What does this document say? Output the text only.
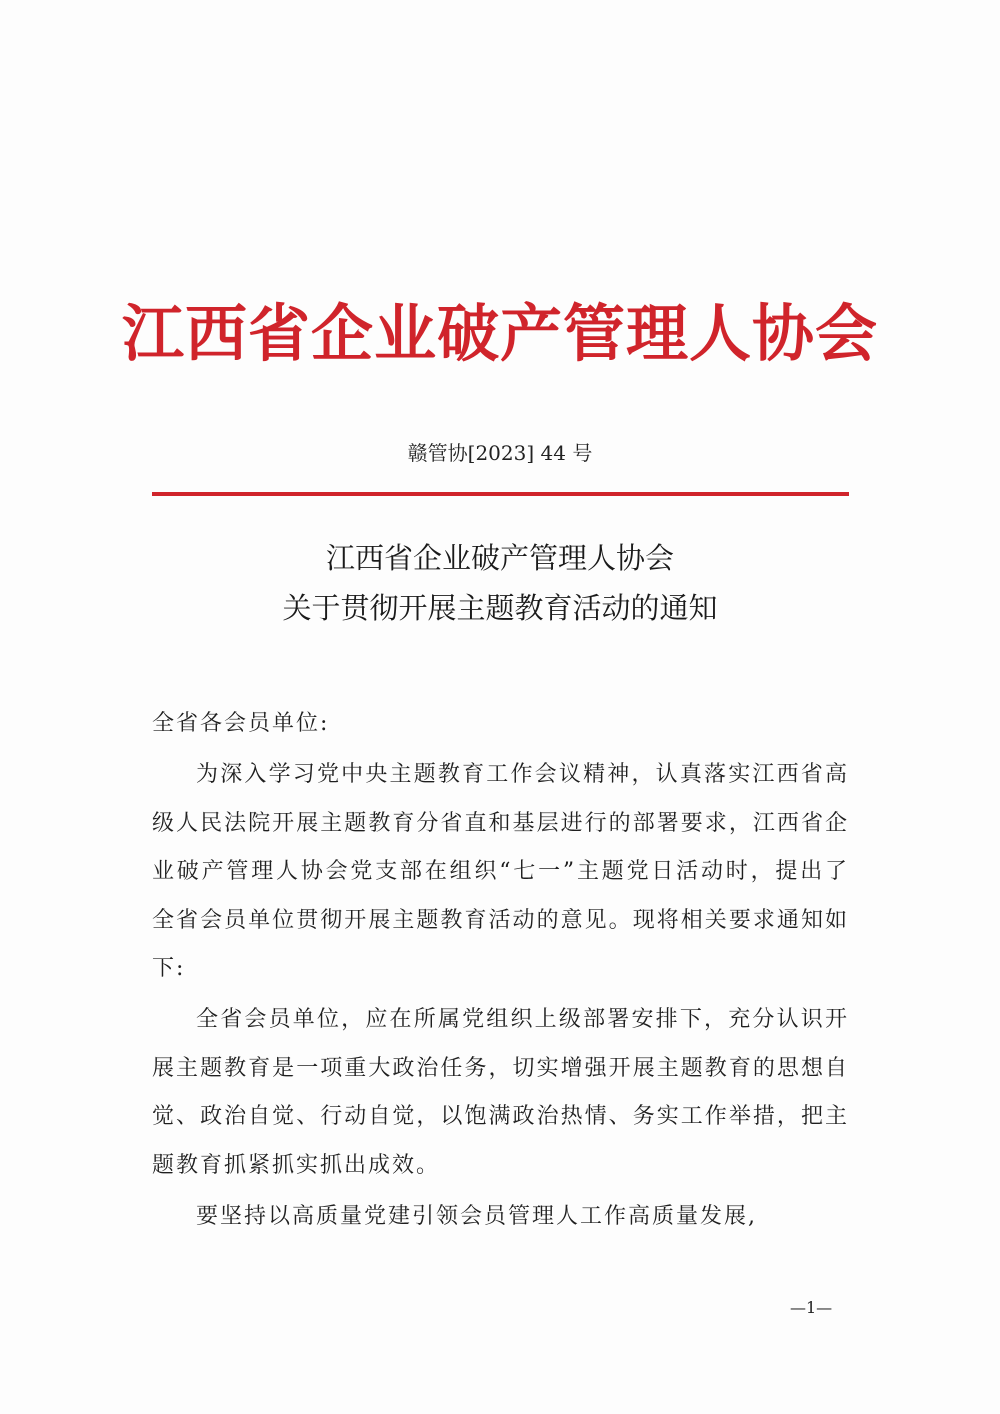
江西省企业破产管理人协会
赣管协[2023] 44 号
江西省企业破产管理人协会
关于贯彻开展主题教育活动的通知

全省各会员单位:

为深入学习党中央主题教育工作会议精神，认真落实江西省高级人民法院开展主题教育分省直和基层进行的部署要求，江西省企业破产管理人协会党支部在组织“七一”主题党日活动时，提出了全省会员单位贯彻开展主题教育活动的意见。现将相关要求通知如下:

全省会员单位，应在所属党组织上级部署安排下，充分认识开展主题教育是一项重大政治任务，切实增强开展主题教育的思想自觉、政治自觉、行动自觉，以饱满政治热情、务实工作举措，把主题教育抓紧抓实抓出成效。

要坚持以高质量党建引领会员管理人工作高质量发展,

—1—
